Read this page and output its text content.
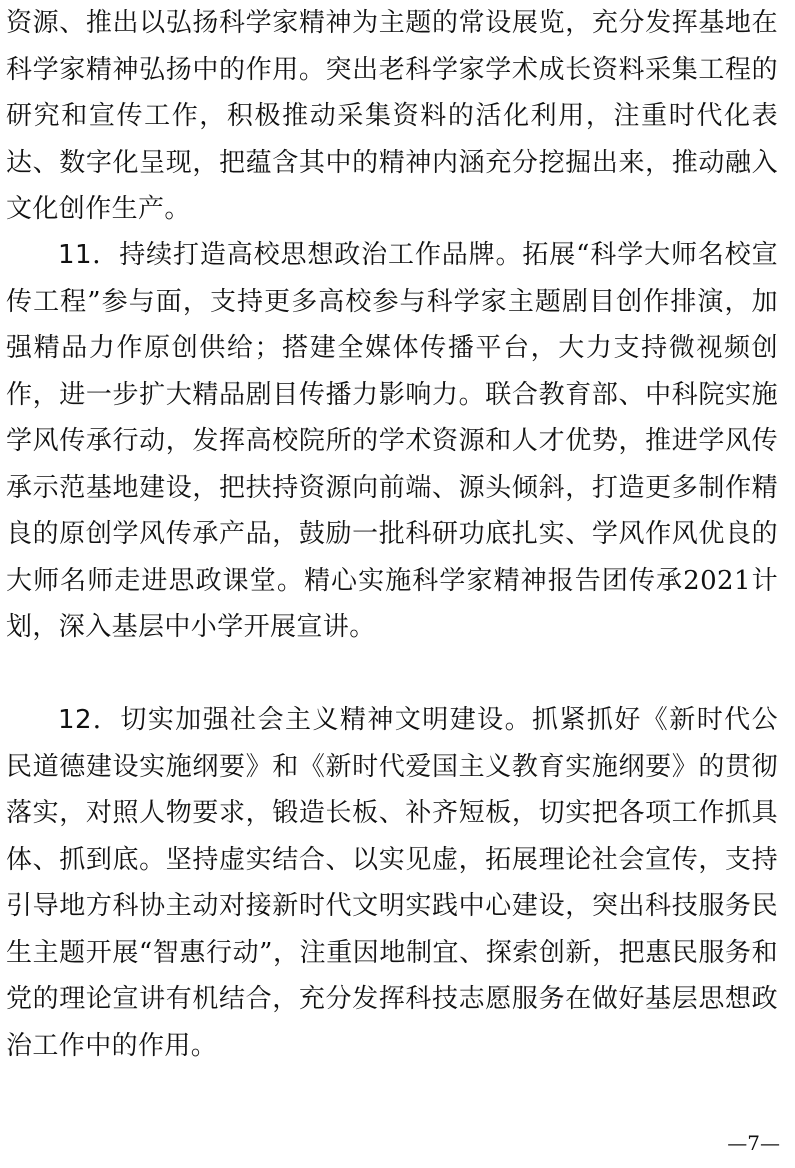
资源、推出以弘扬科学家精神为主题的常设展览，充分发挥基地在科学家精神弘扬中的作用。突出老科学家学术成长资料采集工程的研究和宣传工作，积极推动采集资料的活化利用，注重时代化表达、数字化呈现，把蕴含其中的精神内涵充分挖掘出来，推动融入文化创作生产。

11．持续打造高校思想政治工作品牌。拓展“科学大师名校宣传工程”参与面，支持更多高校参与科学家主题剧目创作排演，加强精品力作原创供给；搭建全媒体传播平台，大力支持微视频创作，进一步扩大精品剧目传播力影响力。联合教育部、中科院实施学风传承行动，发挥高校院所的学术资源和人才优势，推进学风传承示范基地建设，把扶持资源向前端、源头倾斜，打造更多制作精良的原创学风传承产品，鼓励一批科研功底扎实、学风作风优良的大师名师走进思政课堂。精心实施科学家精神报告团传承2021计划，深入基层中小学开展宣讲。

12．切实加强社会主义精神文明建设。抓紧抓好《新时代公民道德建设实施纲要》和《新时代爱国主义教育实施纲要》的贯彻落实，对照人物要求，锻造长板、补齐短板，切实把各项工作抓具体、抓到底。坚持虚实结合、以实见虚，拓展理论社会宣传，支持引导地方科协主动对接新时代文明实践中心建设，突出科技服务民生主题开展“智惠行动”，注重因地制宜、探索创新，把惠民服务和党的理论宣讲有机结合，充分发挥科技志愿服务在做好基层思想政治工作中的作用。

—7—
